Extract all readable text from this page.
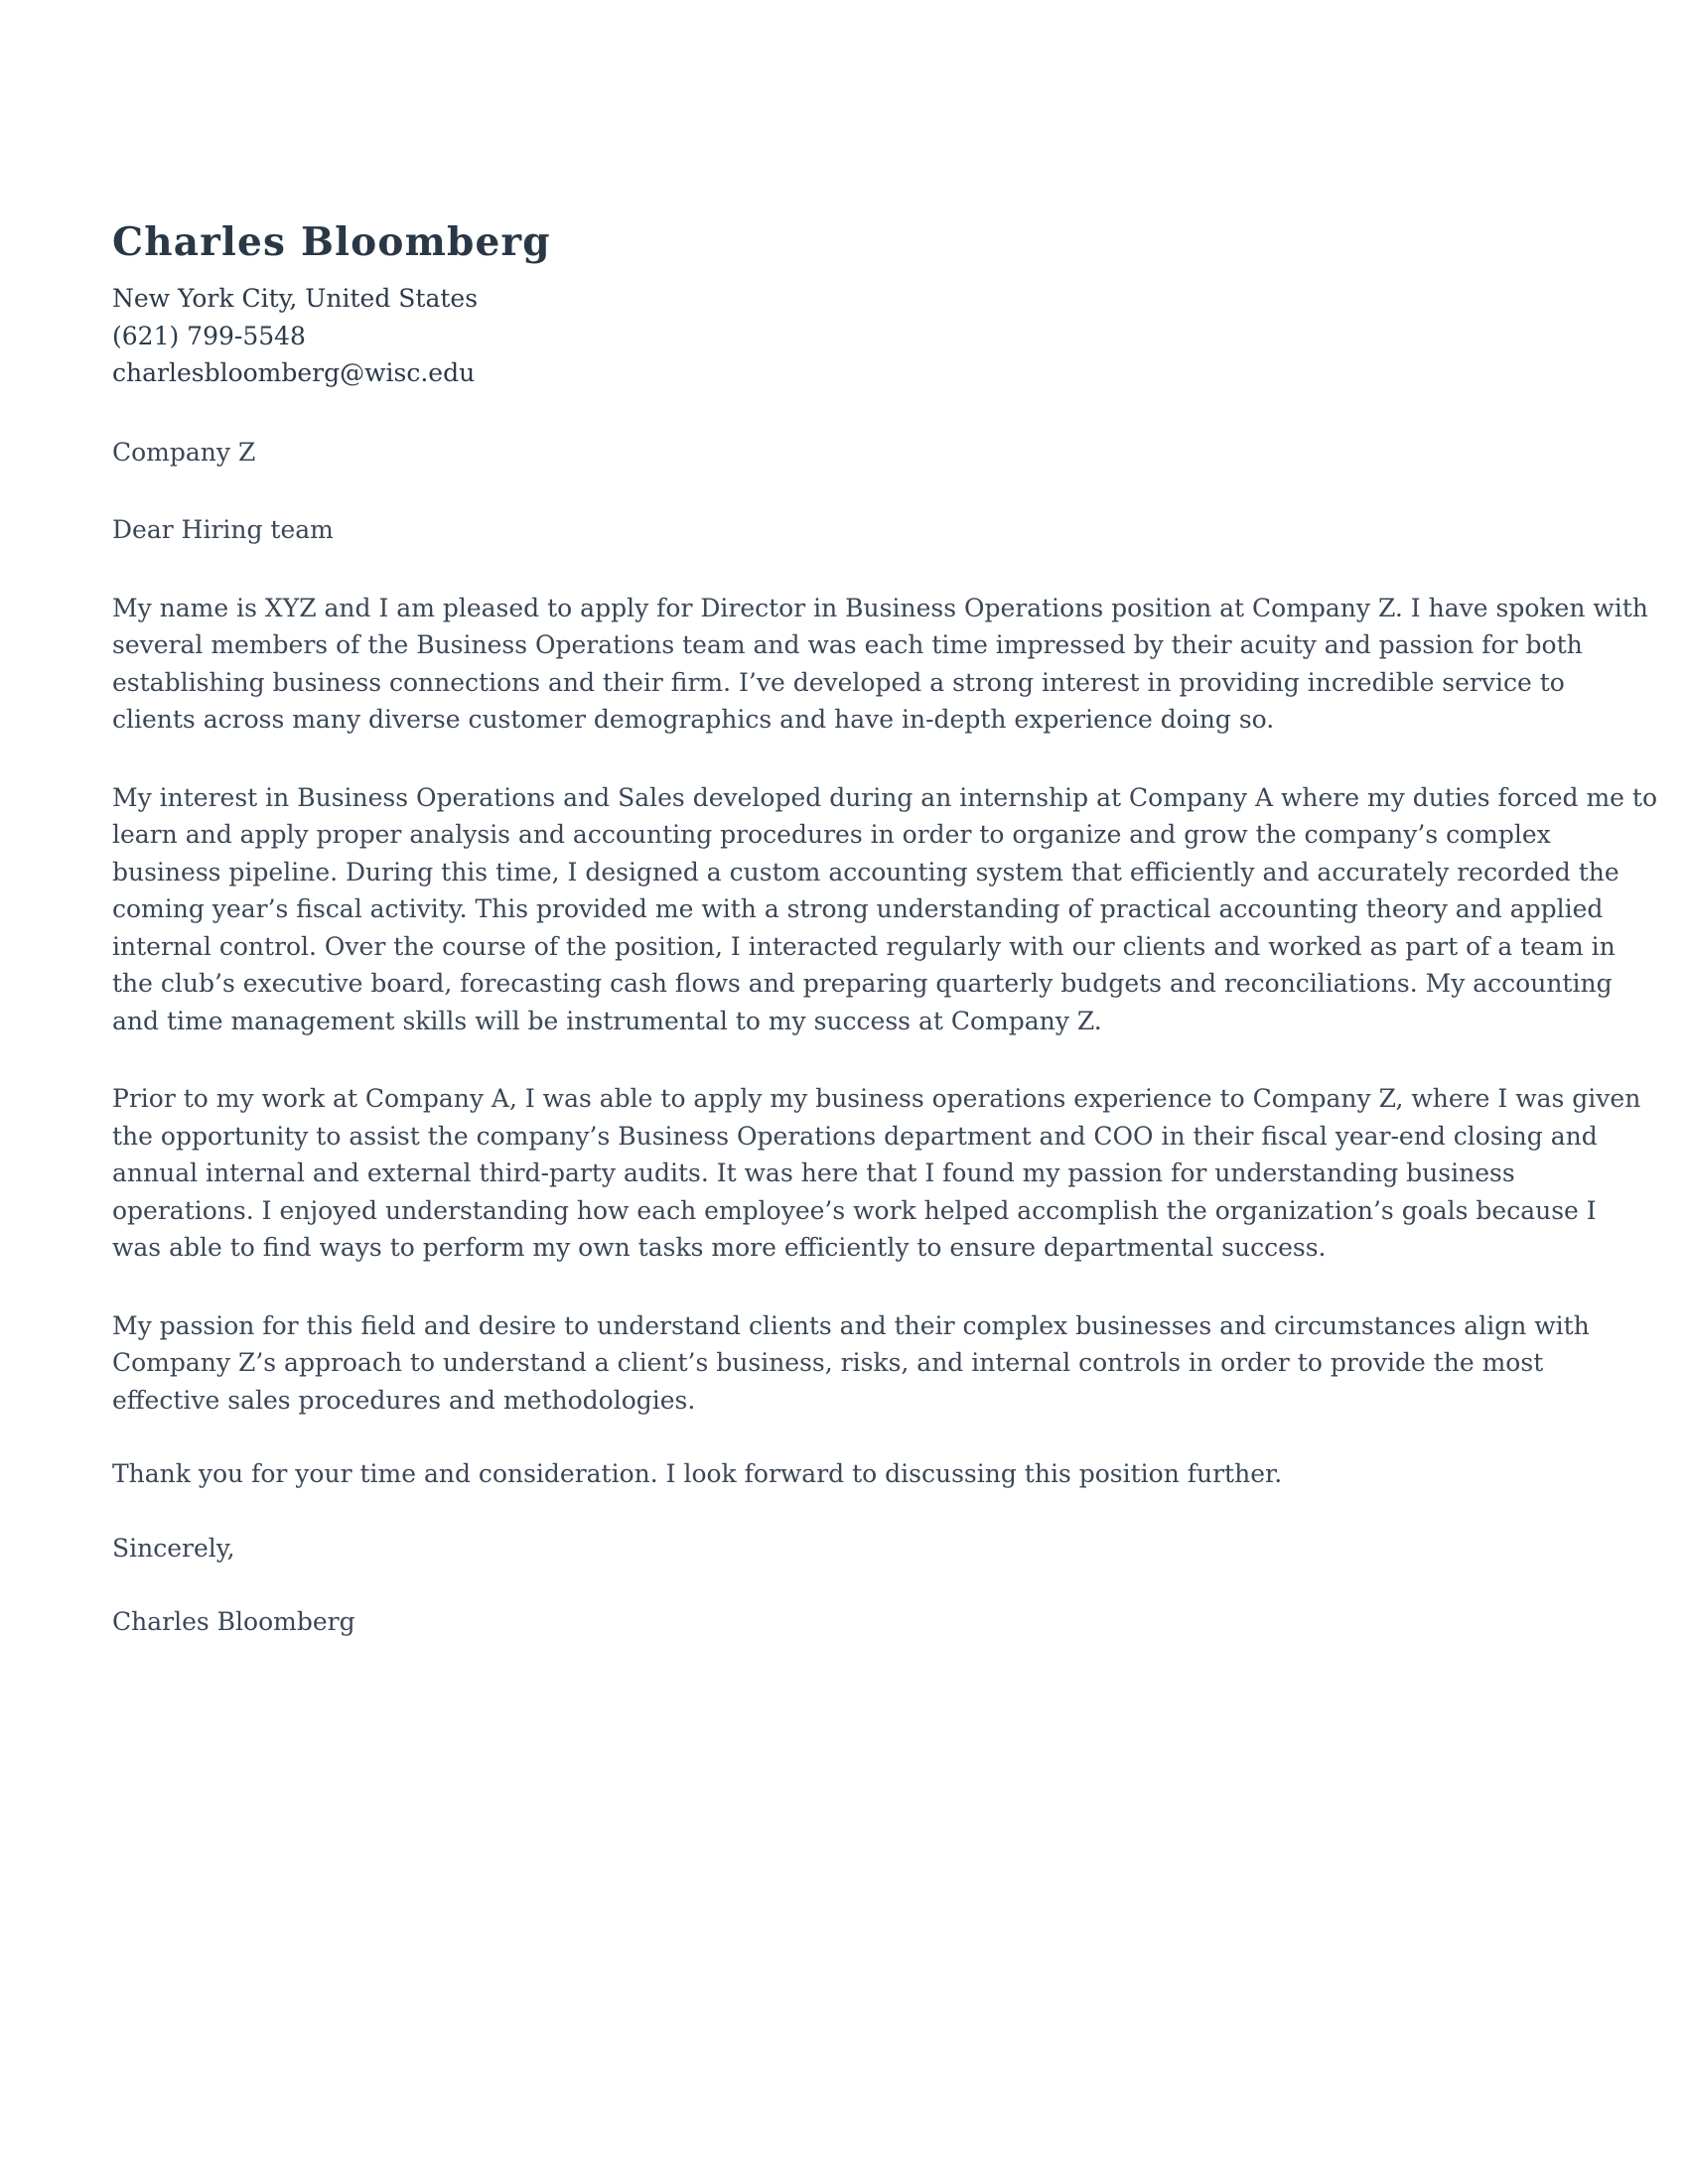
Charles Bloomberg
New York City, United States
(621) 799-5548
charlesbloomberg@wisc.edu

Company Z

Dear Hiring team

My name is XYZ and I am pleased to apply for Director in Business Operations position at Company Z. I have spoken with
several members of the Business Operations team and was each time impressed by their acuity and passion for both
establishing business connections and their firm. I’ve developed a strong interest in providing incredible service to
clients across many diverse customer demographics and have in-depth experience doing so.

My interest in Business Operations and Sales developed during an internship at Company A where my duties forced me to
learn and apply proper analysis and accounting procedures in order to organize and grow the company’s complex
business pipeline. During this time, I designed a custom accounting system that efficiently and accurately recorded the
coming year’s fiscal activity. This provided me with a strong understanding of practical accounting theory and applied
internal control. Over the course of the position, I interacted regularly with our clients and worked as part of a team in
the club’s executive board, forecasting cash flows and preparing quarterly budgets and reconciliations. My accounting
and time management skills will be instrumental to my success at Company Z.

Prior to my work at Company A, I was able to apply my business operations experience to Company Z, where I was given
the opportunity to assist the company’s Business Operations department and COO in their fiscal year-end closing and
annual internal and external third-party audits. It was here that I found my passion for understanding business
operations. I enjoyed understanding how each employee’s work helped accomplish the organization’s goals because I
was able to find ways to perform my own tasks more efficiently to ensure departmental success.

My passion for this field and desire to understand clients and their complex businesses and circumstances align with
Company Z’s approach to understand a client’s business, risks, and internal controls in order to provide the most
effective sales procedures and methodologies.

Thank you for your time and consideration. I look forward to discussing this position further.

Sincerely,

Charles Bloomberg
